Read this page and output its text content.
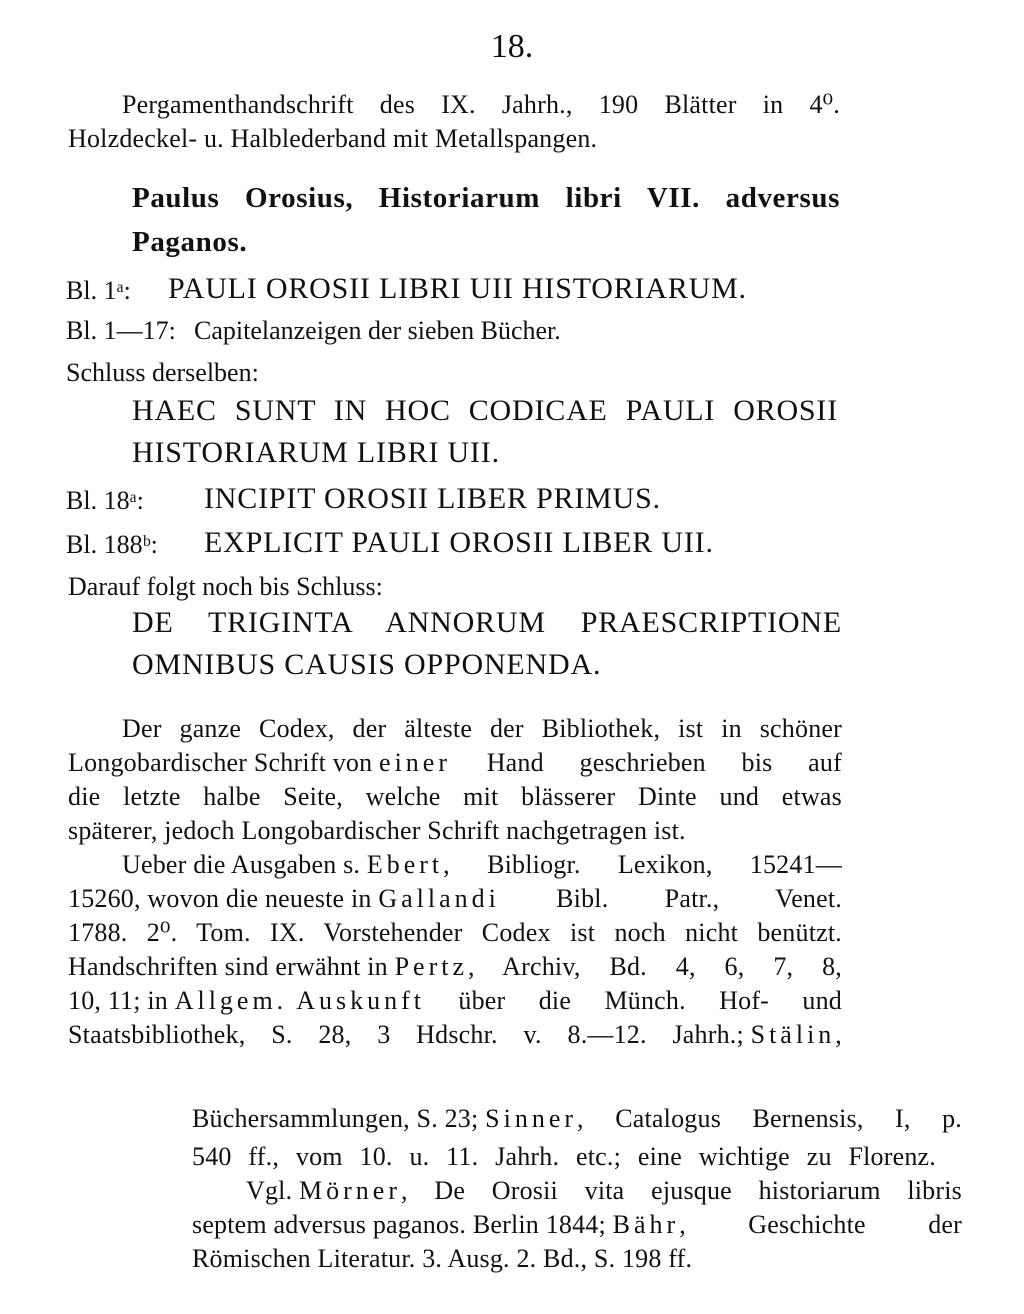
18.
Pergamenthandschrift des IX. Jahrh., 190 Blätter in 4⁰.
Holzdeckel- u. Halblederband mit Metallspangen.
Paulus Orosius, Historiarum libri VII. adversus
Paganos.
Bl. 1ᵃ: PAULI OROSII LIBRI UII HISTORIARUM.
Bl. 1—17: Capitelanzeigen der sieben Bücher.
Schluss derselben:
HAEC SUNT IN HOC CODICAE PAULI OROSII
HISTORIARUM LIBRI UII.
Bl. 18ᵃ: INCIPIT OROSII LIBER PRIMUS.
Bl. 188ᵇ: EXPLICIT PAULI OROSII LIBER UII.
Darauf folgt noch bis Schluss:
DE TRIGINTA ANNORUM PRAESCRIPTIONE
OMNIBUS CAUSIS OPPONENDA.
Der ganze Codex, der älteste der Bibliothek, ist in schöner
Longobardischer Schrift von einer Hand geschrieben bis auf
die letzte halbe Seite, welche mit blässerer Dinte und etwas
späterer, jedoch Longobardischer Schrift nachgetragen ist.
Ueber die Ausgaben s. Ebert , Bibliogr. Lexikon, 15241—
15260, wovon die neueste in Gallandi Bibl. Patr., Venet.
1788. 2⁰. Tom. IX. Vorstehender Codex ist noch nicht benützt.
Handschriften sind erwähnt in Pertz , Archiv, Bd. 4, 6, 7, 8,
10, 11; in Allgem. Auskunft über die Münch. Hof- und
Staatsbibliothek, S. 28, 3 Hdschr. v. 8.—12. Jahrh.; Stälin ,
Büchersammlungen, S. 23; Sinner , Catalogus Bernensis, I, p.
540 ff., vom 10. u. 11. Jahrh. etc.; eine wichtige zu Florenz.
Vgl. Mörner , De Orosii vita ejusque historiarum libris
septem adversus paganos. Berlin 1844; Bähr , Geschichte der
Römischen Literatur. 3. Ausg. 2. Bd., S. 198 ff.
